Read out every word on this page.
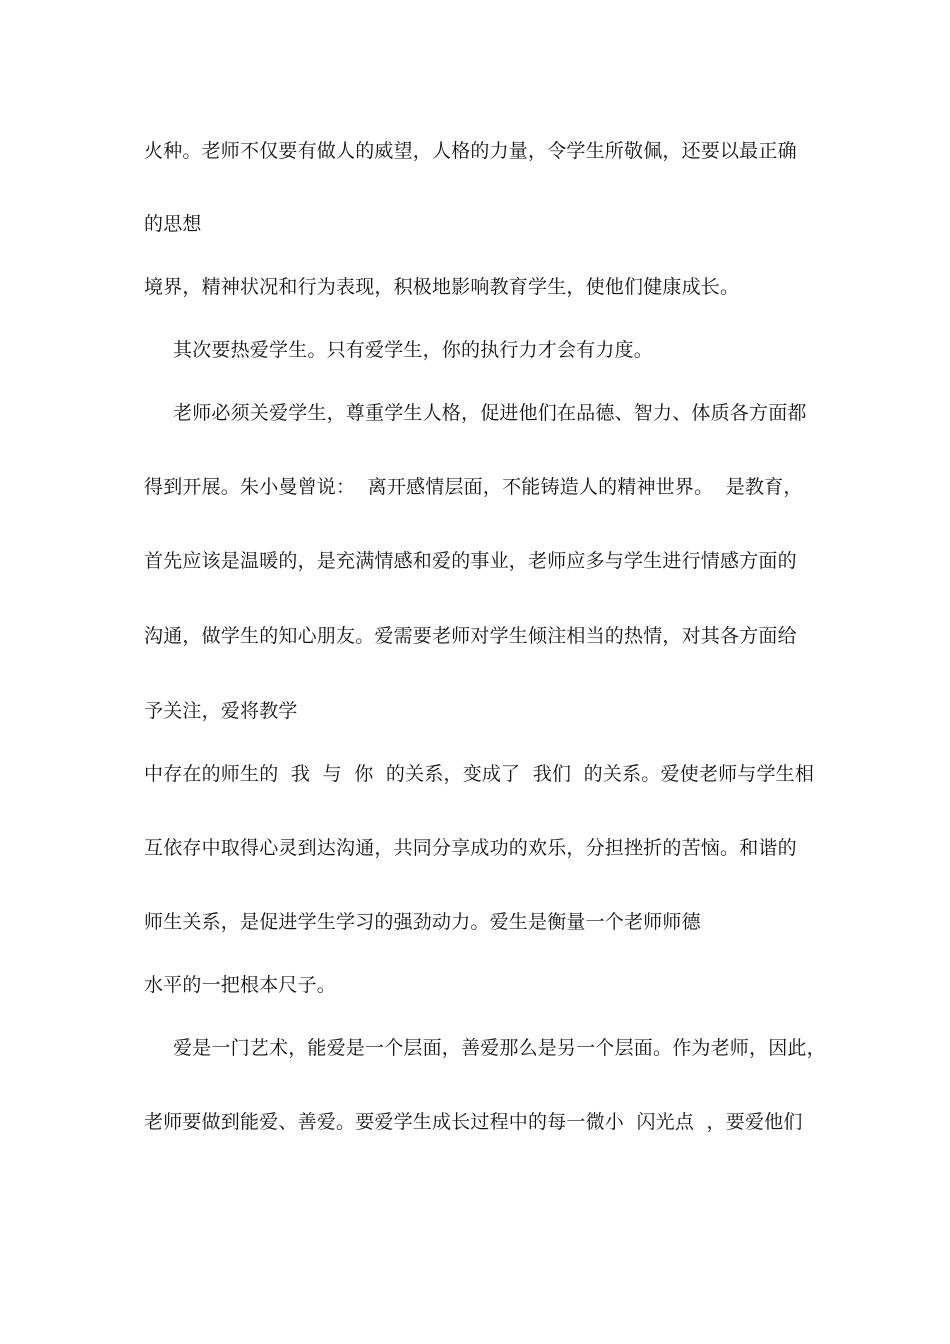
火种。老师不仅要有做人的威望，人格的力量，令学生所敬佩，还要以最正确
的思想
境界，精神状况和行为表现，积极地影响教育学生，使他们健康成长。
其次要热爱学生。只有爱学生，你的执行力才会有力度。
老师必须关爱学生，尊重学生人格，促进他们在品德、智力、体质各方面都
得到开展。朱小曼曾说：  离开感情层面，不能铸造人的精神世界。  是教育，
首先应该是温暖的，是充满情感和爱的事业，老师应多与学生进行情感方面的
沟通，做学生的知心朋友。爱需要老师对学生倾注相当的热情，对其各方面给
予关注，爱将教学
中存在的师生的  我  与  你  的关系，变成了  我们  的关系。爱使老师与学生相
互依存中取得心灵到达沟通，共同分享成功的欢乐，分担挫折的苦恼。和谐的
师生关系，是促进学生学习的强劲动力。爱生是衡量一个老师师德
水平的一把根本尺子。
爱是一门艺术，能爱是一个层面，善爱那么是另一个层面。作为老师，因此，
老师要做到能爱、善爱。要爱学生成长过程中的每一微小  闪光点  ，要爱他们
